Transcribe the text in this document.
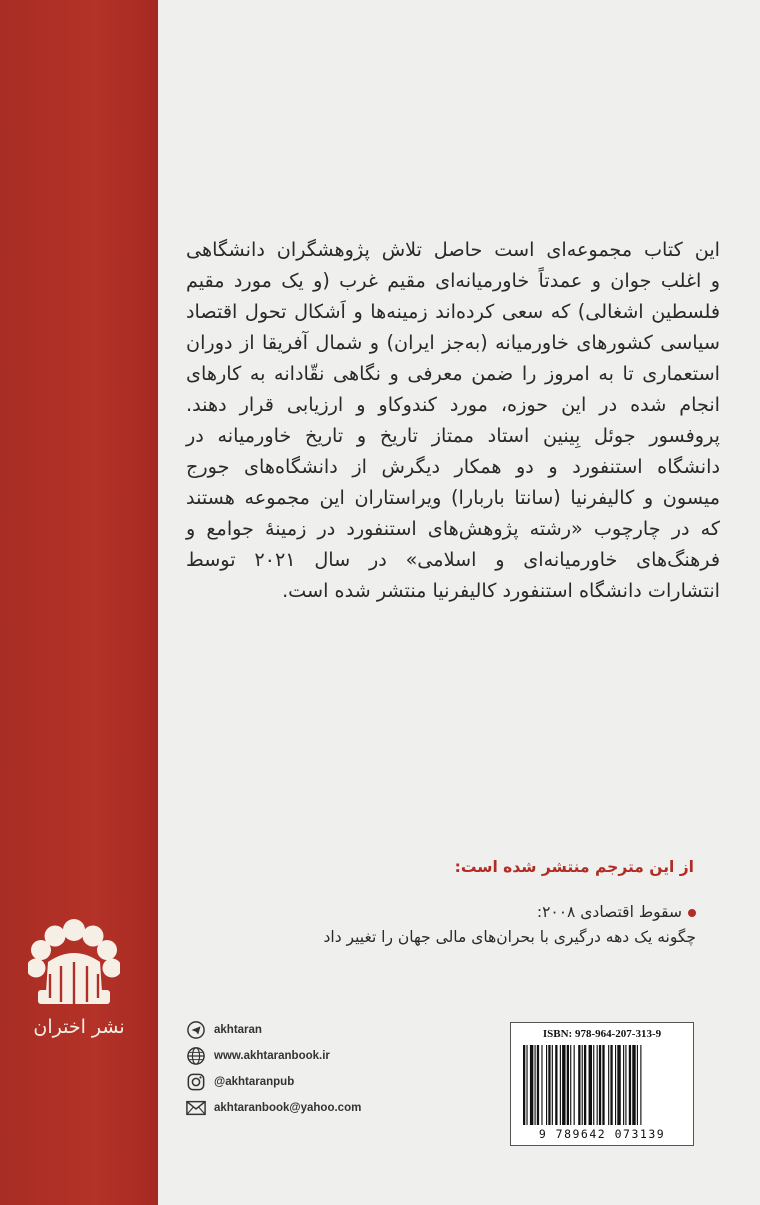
نشر اختران
این کتاب مجموعه‌ای است حاصل تلاش پژوهشگران دانشگاهی
و اغلب جوان و عمدتاً خاورمیانه‌ای مقیم غرب (و یک مورد مقیم
فلسطین اشغالی) که سعی کرده‌اند زمینه‌ها و اَشکال تحول اقتصاد
سیاسی کشورهای خاورمیانه (به‌جز ایران) و شمال آفریقا از دوران
استعماری تا به امروز را ضمن معرفی و نگاهی نقّادانه به کارهای
انجام شده در این حوزه، مورد کندوکاو و ارزیابی قرار دهند.
پروفسور جوئل بِینین استاد ممتاز تاریخ و تاریخ خاورمیانه در
دانشگاه استنفورد و دو همکار دیگرش از دانشگاه‌های جورج
میسون و کالیفرنیا (سانتا باربارا) ویراستاران این مجموعه هستند
که در چارچوب «رشته پژوهش‌های استنفورد در زمینهٔ جوامع و
فرهنگ‌های خاورمیانه‌ای و اسلامی» در سال ۲۰۲۱ توسط
انتشارات دانشگاه استنفورد کالیفرنیا منتشر شده است.
از این مترجم منتشر شده است:
سقوط اقتصادی ۲۰۰۸:
چگونه یک دهه درگیری با بحران‌های مالی جهان را تغییر داد
akhtaran
www.akhtaranbook.ir
@akhtaranpub
akhtaranbook@yahoo.com
ISBN: 978-964-207-313-9
9 789642 073139
